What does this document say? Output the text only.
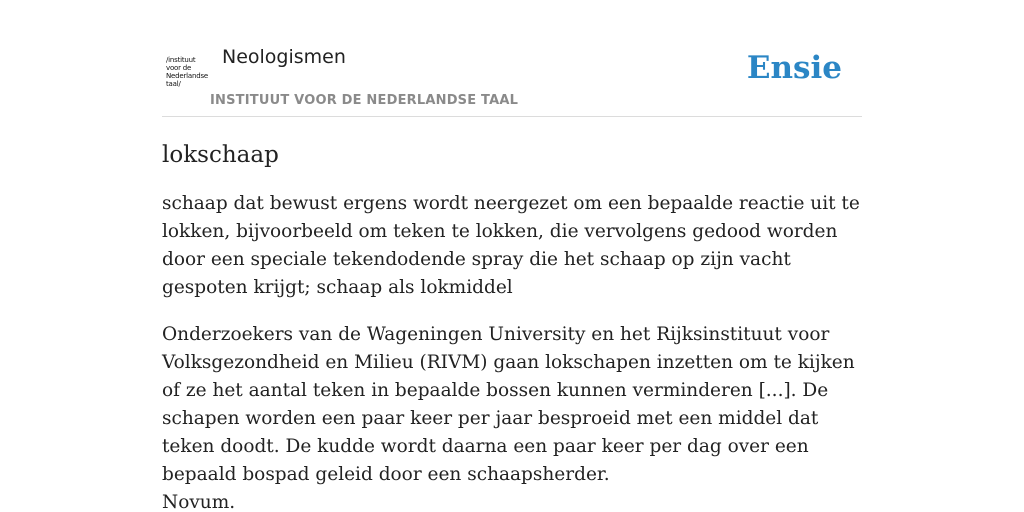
/instituut
voor de
Nederlandse
taal/
Neologismen
INSTITUUT VOOR DE NEDERLANDSE TAAL
Ensie
lokschaap

schaap dat bewust ergens wordt neergezet om een bepaalde reactie uit te lokken, bijvoorbeeld om teken te lokken, die vervolgens gedood worden door een speciale tekendodende spray die het schaap op zijn vacht gespoten krijgt; schaap als lokmiddel

Onderzoekers van de Wageningen University en het Rijksinstituut voor Volksgezondheid en Milieu (RIVM) gaan lokschapen inzetten om te kijken of ze het aantal teken in bepaalde bossen kunnen verminderen [...]. De schapen worden een paar keer per jaar besproeid met een middel dat teken doodt. De kudde wordt daarna een paar keer per dag over een bepaald bospad geleid door een schaapsherder.
Novum.
